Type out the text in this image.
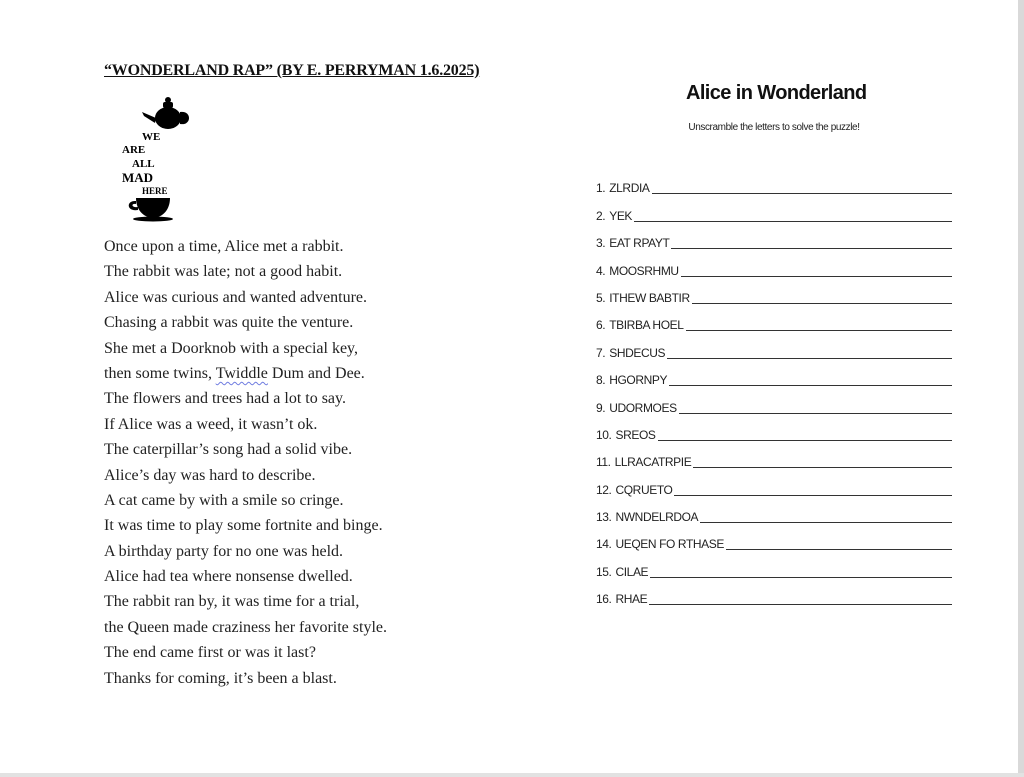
“WONDERLAND RAP” (BY E. PERRYMAN 1.6.2025)
WE
ARE
ALL
MAD
HERE
Once upon a time, Alice met a rabbit.
The rabbit was late; not a good habit.
Alice was curious and wanted adventure.
Chasing a rabbit was quite the venture.
She met a Doorknob with a special key,
then some twins, Twiddle Dum and Dee.
The flowers and trees had a lot to say.
If Alice was a weed, it wasn’t ok.
The caterpillar’s song had a solid vibe.
Alice’s day was hard to describe.
A cat came by with a smile so cringe.
It was time to play some fortnite and binge.
A birthday party for no one was held.
Alice had tea where nonsense dwelled.
The rabbit ran by, it was time for a trial,
the Queen made craziness her favorite style.
The end came first or was it last?
Thanks for coming, it’s been a blast.
Alice in Wonderland
Unscramble the letters to solve the puzzle!
1. ZLRDIA
2. YEK
3. EAT RPAYT
4. MOOSRHMU
5. ITHEW BABTIR
6. TBIRBA HOEL
7. SHDECUS
8. HGORNPY
9. UDORMOES
10. SREOS
11. LLRACATRPIE
12. CQRUETO
13. NWNDELRDOA
14. UEQEN FO RTHASE
15. CILAE
16. RHAE
